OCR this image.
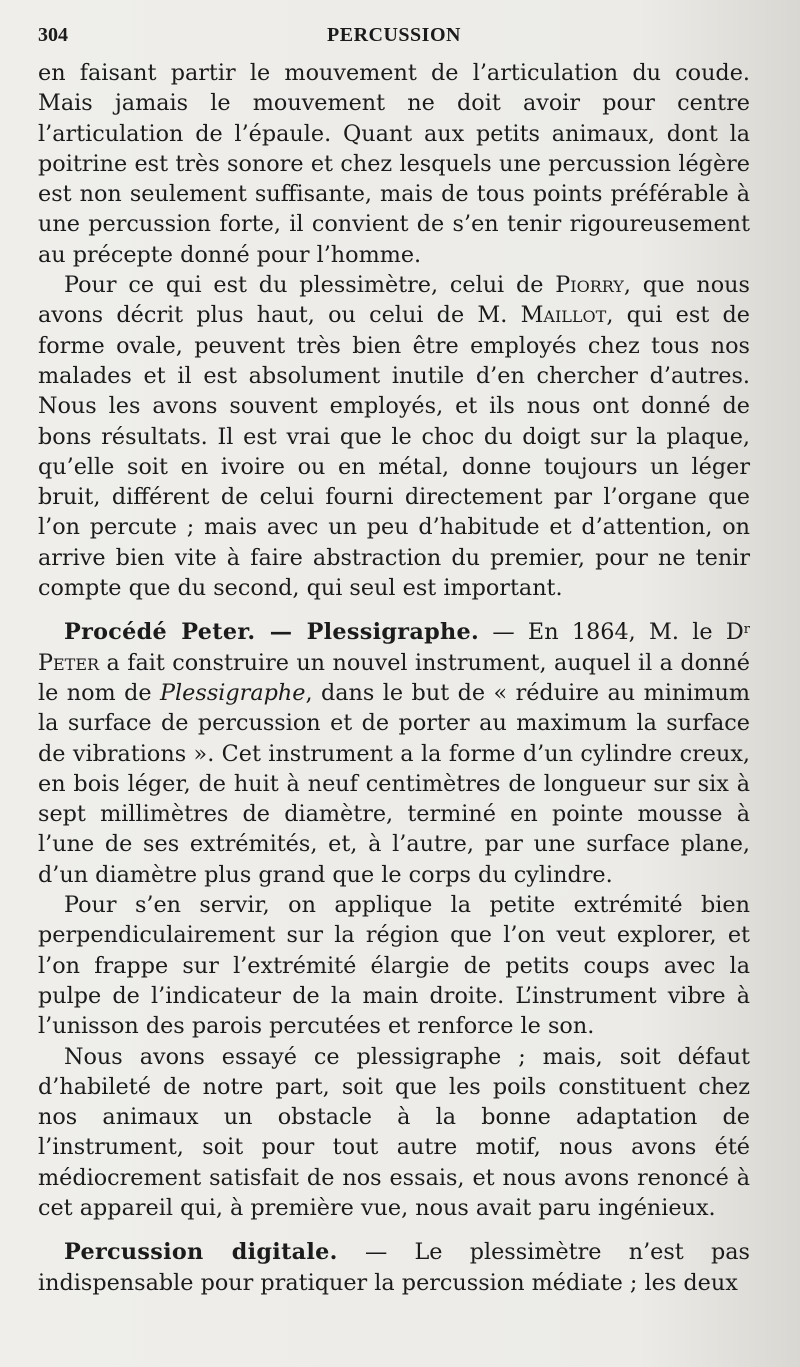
304	PERCUSSION

en faisant partir le mouvement de l’articulation du coude. Mais jamais le mouvement ne doit avoir pour centre l’articulation de l’épaule. Quant aux petits animaux, dont la poitrine est très sonore et chez lesquels une percussion légère est non seulement suffisante, mais de tous points préférable à une percussion forte, il convient de s’en tenir rigoureusement au précepte donné pour l’homme.

Pour ce qui est du plessimètre, celui de Piorry, que nous avons décrit plus haut, ou celui de M. Maillot, qui est de forme ovale, peuvent très bien être employés chez tous nos malades et il est absolument inutile d’en chercher d’autres. Nous les avons souvent employés, et ils nous ont donné de bons résultats. Il est vrai que le choc du doigt sur la plaque, qu’elle soit en ivoire ou en métal, donne toujours un léger bruit, différent de celui fourni directement par l’organe que l’on percute ; mais avec un peu d’habitude et d’attention, on arrive bien vite à faire abstraction du premier, pour ne tenir compte que du second, qui seul est important.

Procédé Peter. — Plessigraphe. — En 1864, M. le $D^r$ Peter a fait construire un nouvel instrument, auquel il a donné le nom de Plessigraphe, dans le but de « réduire au minimum la surface de percussion et de porter au maximum la surface de vibrations ». Cet instrument a la forme d’un cylindre creux, en bois léger, de huit à neuf centimètres de longueur sur six à sept millimètres de diamètre, terminé en pointe mousse à l’une de ses extrémités, et, à l’autre, par une surface plane, d’un diamètre plus grand que le corps du cylindre.

Pour s’en servir, on applique la petite extrémité bien perpendiculairement sur la région que l’on veut explorer, et l’on frappe sur l’extrémité élargie de petits coups avec la pulpe de l’indicateur de la main droite. L’instrument vibre à l’unisson des parois percutées et renforce le son.

Nous avons essayé ce plessigraphe ; mais, soit défaut d’habileté de notre part, soit que les poils constituent chez nos animaux un obstacle à la bonne adaptation de l’instrument, soit pour tout autre motif, nous avons été médiocrement satisfait de nos essais, et nous avons renoncé à cet appareil qui, à première vue, nous avait paru ingénieux.

Percussion digitale. — Le plessimètre n’est pas indispensable pour pratiquer la percussion médiate ; les deux
